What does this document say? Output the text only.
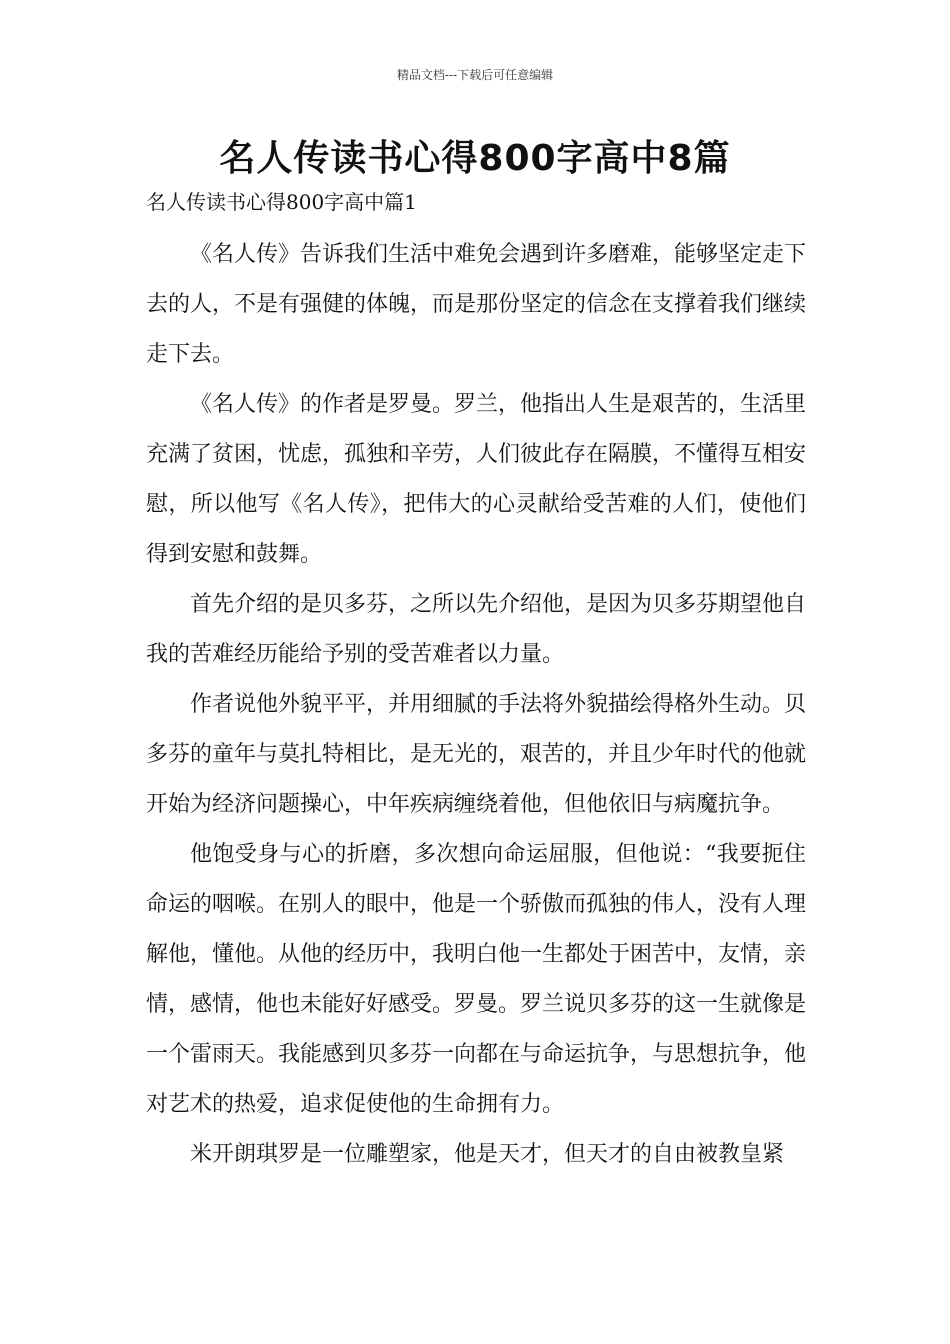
精品文档---下载后可任意编辑
名人传读书心得800字高中8篇
名人传读书心得800字高中篇1

《名人传》告诉我们生活中难免会遇到许多磨难，能够坚定走下去的人，不是有强健的体魄，而是那份坚定的信念在支撑着我们继续走下去。

《名人传》的作者是罗曼。罗兰，他指出人生是艰苦的，生活里充满了贫困，忧虑，孤独和辛劳，人们彼此存在隔膜，不懂得互相安慰，所以他写《名人传》，把伟大的心灵献给受苦难的人们，使他们得到安慰和鼓舞。

首先介绍的是贝多芬，之所以先介绍他，是因为贝多芬期望他自我的苦难经历能给予别的受苦难者以力量。

作者说他外貌平平，并用细腻的手法将外貌描绘得格外生动。贝多芬的童年与莫扎特相比，是无光的，艰苦的，并且少年时代的他就开始为经济问题操心，中年疾病缠绕着他，但他依旧与病魔抗争。

他饱受身与心的折磨，多次想向命运屈服，但他说：“我要扼住命运的咽喉。在别人的眼中，他是一个骄傲而孤独的伟人，没有人理解他，懂他。从他的经历中，我明白他一生都处于困苦中，友情，亲情，感情，他也未能好好感受。罗曼。罗兰说贝多芬的这一生就像是一个雷雨天。我能感到贝多芬一向都在与命运抗争，与思想抗争，他对艺术的热爱，追求促使他的生命拥有力。

米开朗琪罗是一位雕塑家，他是天才，但天才的自由被教皇紧
